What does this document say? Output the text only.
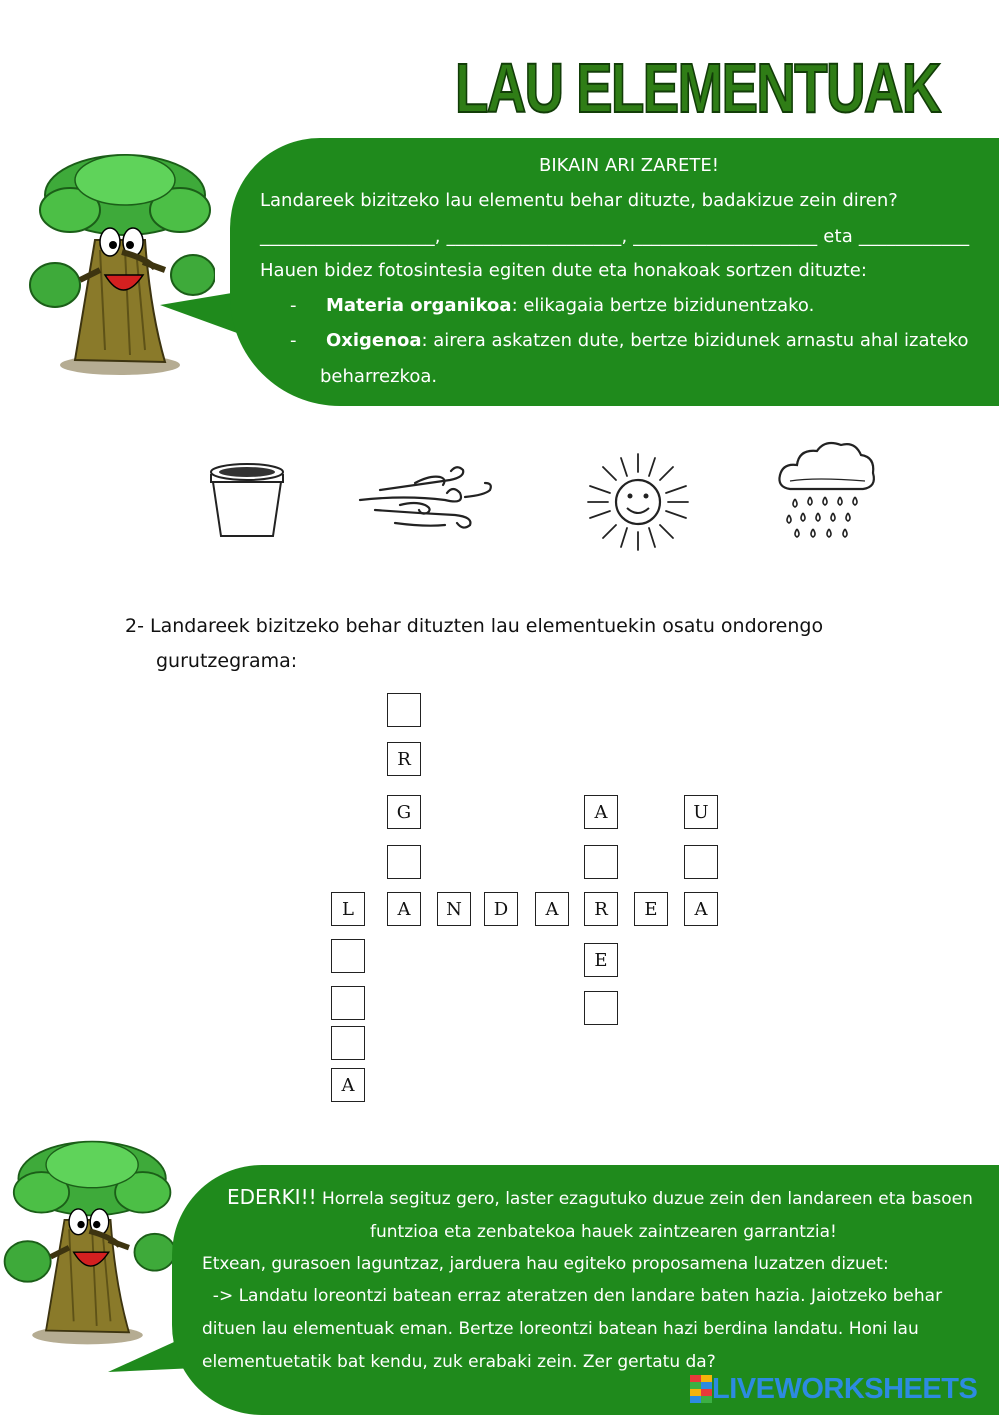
LAU ELEMENTUAK
BIKAIN ARI ZARETE!
Landareek bizitzeko lau elementu behar dituzte, badakizue zein diren?
___________________, ___________________, ____________________ eta ____________
Hauen bidez fotosintesia egiten dute eta honakoak sortzen dituzte:
- Materia organikoa: elikagaia bertze bizidunentzako.
- Oxigenoa: airera askatzen dute, bertze bizidunek arnastu ahal izateko
beharrezkoa.
2- Landareek bizitzeko behar dituzten lau elementuekin osatu ondorengo
gurutzegrama:
R
G	A
E
U
L	A	N	D	A	R	E	A
A
EDERKI!! Horrela segituz gero, laster ezagutuko duzue zein den landareen eta basoen
funtzioa eta zenbatekoa hauek zaintzearen garrantzia!
Etxean, gurasoen laguntzaz, jarduera hau egiteko proposamena luzatzen dizuet:
-> Landatu loreontzi batean erraz ateratzen den landare baten hazia. Jaiotzeko behar
dituen lau elementuak eman. Bertze loreontzi batean hazi berdina landatu. Honi lau
elementuetatik bat kendu, zuk erabaki zein. Zer gertatu da?
LIVEWORKSHEETS
